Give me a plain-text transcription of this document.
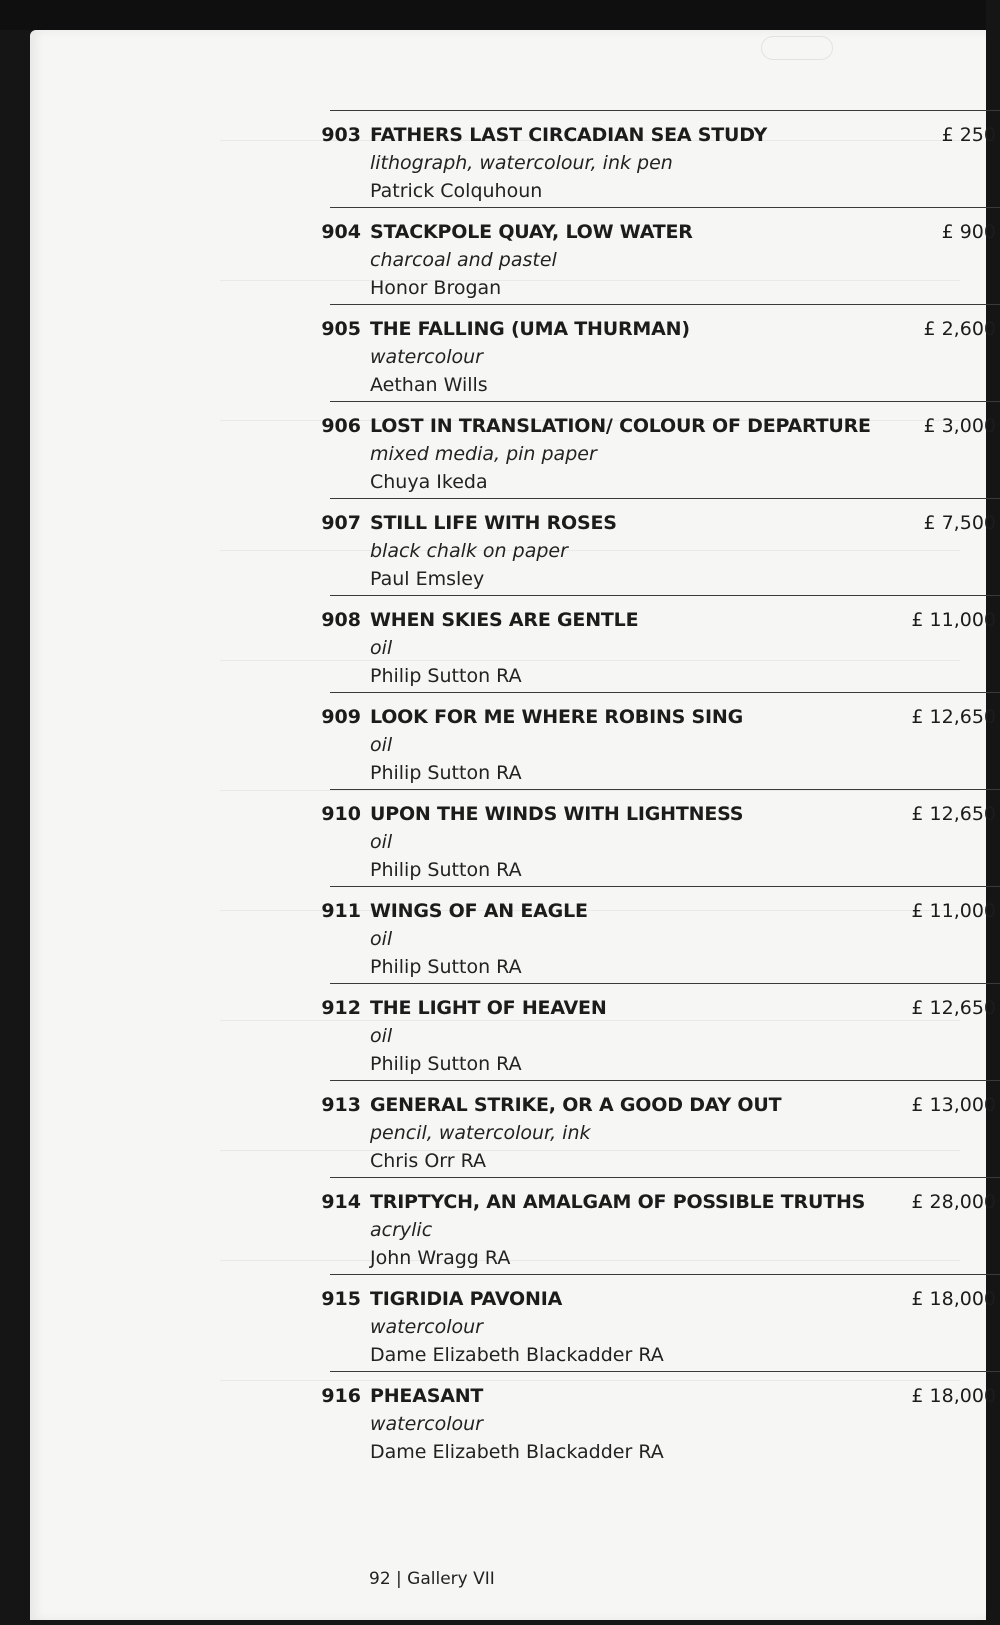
903 FATHERS LAST CIRCADIAN SEA STUDY
lithograph, watercolour, ink pen
Patrick Colquhoun
£ 250
904 STACKPOLE QUAY, LOW WATER
charcoal and pastel
Honor Brogan
£ 900
905 THE FALLING (UMA THURMAN)
watercolour
Aethan Wills
£ 2,600
906 LOST IN TRANSLATION/ COLOUR OF DEPARTURE
mixed media, pin paper
Chuya Ikeda
£ 3,000
907 STILL LIFE WITH ROSES
black chalk on paper
Paul Emsley
£ 7,500
908 WHEN SKIES ARE GENTLE
oil
Philip Sutton RA
£ 11,000
909 LOOK FOR ME WHERE ROBINS SING
oil
Philip Sutton RA
£ 12,650
910 UPON THE WINDS WITH LIGHTNESS
oil
Philip Sutton RA
£ 12,650
911 WINGS OF AN EAGLE
oil
Philip Sutton RA
£ 11,000
912 THE LIGHT OF HEAVEN
oil
Philip Sutton RA
£ 12,650
913 GENERAL STRIKE, OR A GOOD DAY OUT
pencil, watercolour, ink
Chris Orr RA
£ 13,000
914 TRIPTYCH, AN AMALGAM OF POSSIBLE TRUTHS
acrylic
John Wragg RA
£ 28,000
915 TIGRIDIA PAVONIA
watercolour
Dame Elizabeth Blackadder RA
£ 18,000
916 PHEASANT
watercolour
Dame Elizabeth Blackadder RA
£ 18,000
92 | Gallery VII
